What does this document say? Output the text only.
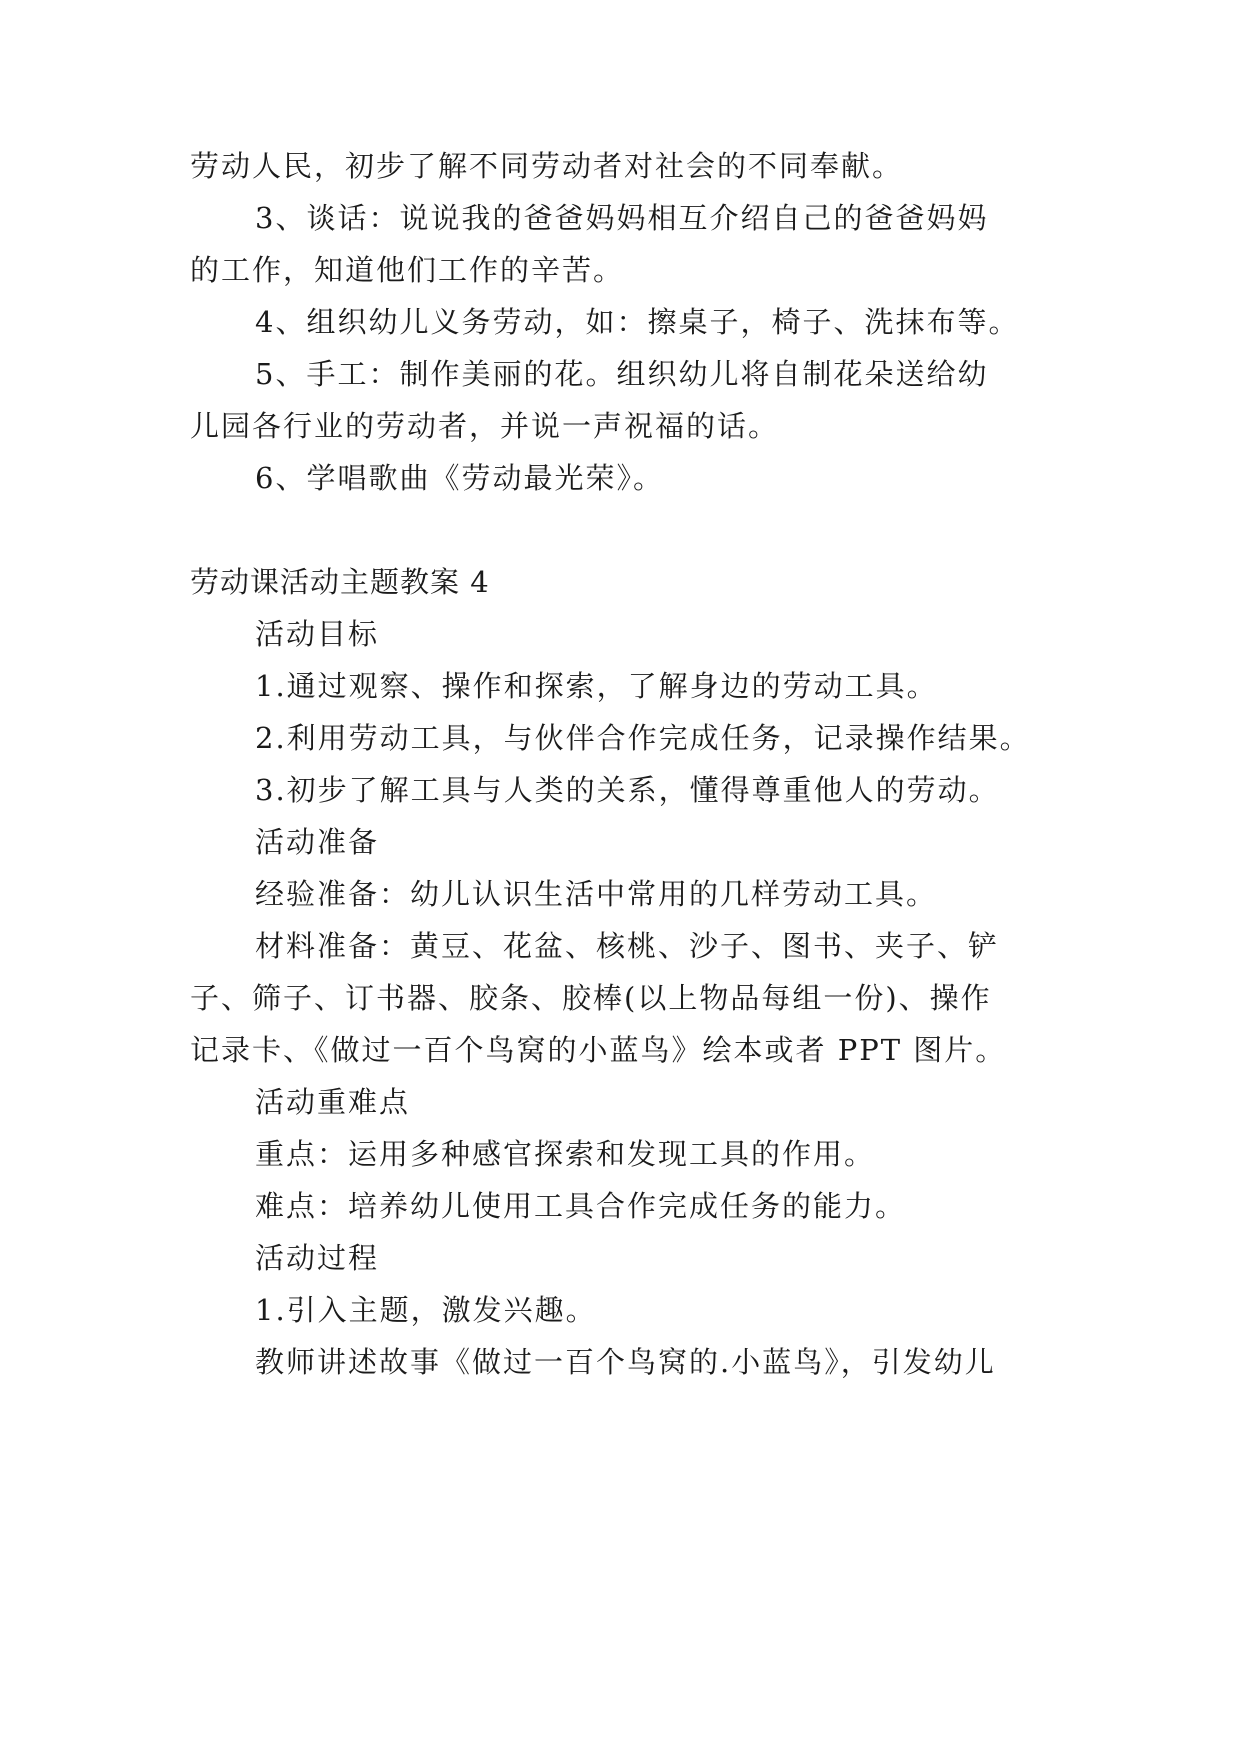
劳动人民，初步了解不同劳动者对社会的不同奉献。

3、谈话：说说我的爸爸妈妈相互介绍自己的爸爸妈妈

的工作，知道他们工作的辛苦。

4、组织幼儿义务劳动，如：擦桌子，椅子、洗抹布等。

5、手工：制作美丽的花。组织幼儿将自制花朵送给幼

儿园各行业的劳动者，并说一声祝福的话。

6、学唱歌曲《劳动最光荣》。

劳动课活动主题教案 4

活动目标

1.通过观察、操作和探索，了解身边的劳动工具。

2.利用劳动工具，与伙伴合作完成任务，记录操作结果。

3.初步了解工具与人类的关系，懂得尊重他人的劳动。

活动准备

经验准备：幼儿认识生活中常用的几样劳动工具。

材料准备：黄豆、花盆、核桃、沙子、图书、夹子、铲

子、筛子、订书器、胶条、胶棒(以上物品每组一份)、操作

记录卡、《做过一百个鸟窝的小蓝鸟》绘本或者 PPT 图片。

活动重难点

重点：运用多种感官探索和发现工具的作用。

难点：培养幼儿使用工具合作完成任务的能力。

活动过程

1.引入主题，激发兴趣。

教师讲述故事《做过一百个鸟窝的.小蓝鸟》，引发幼儿
